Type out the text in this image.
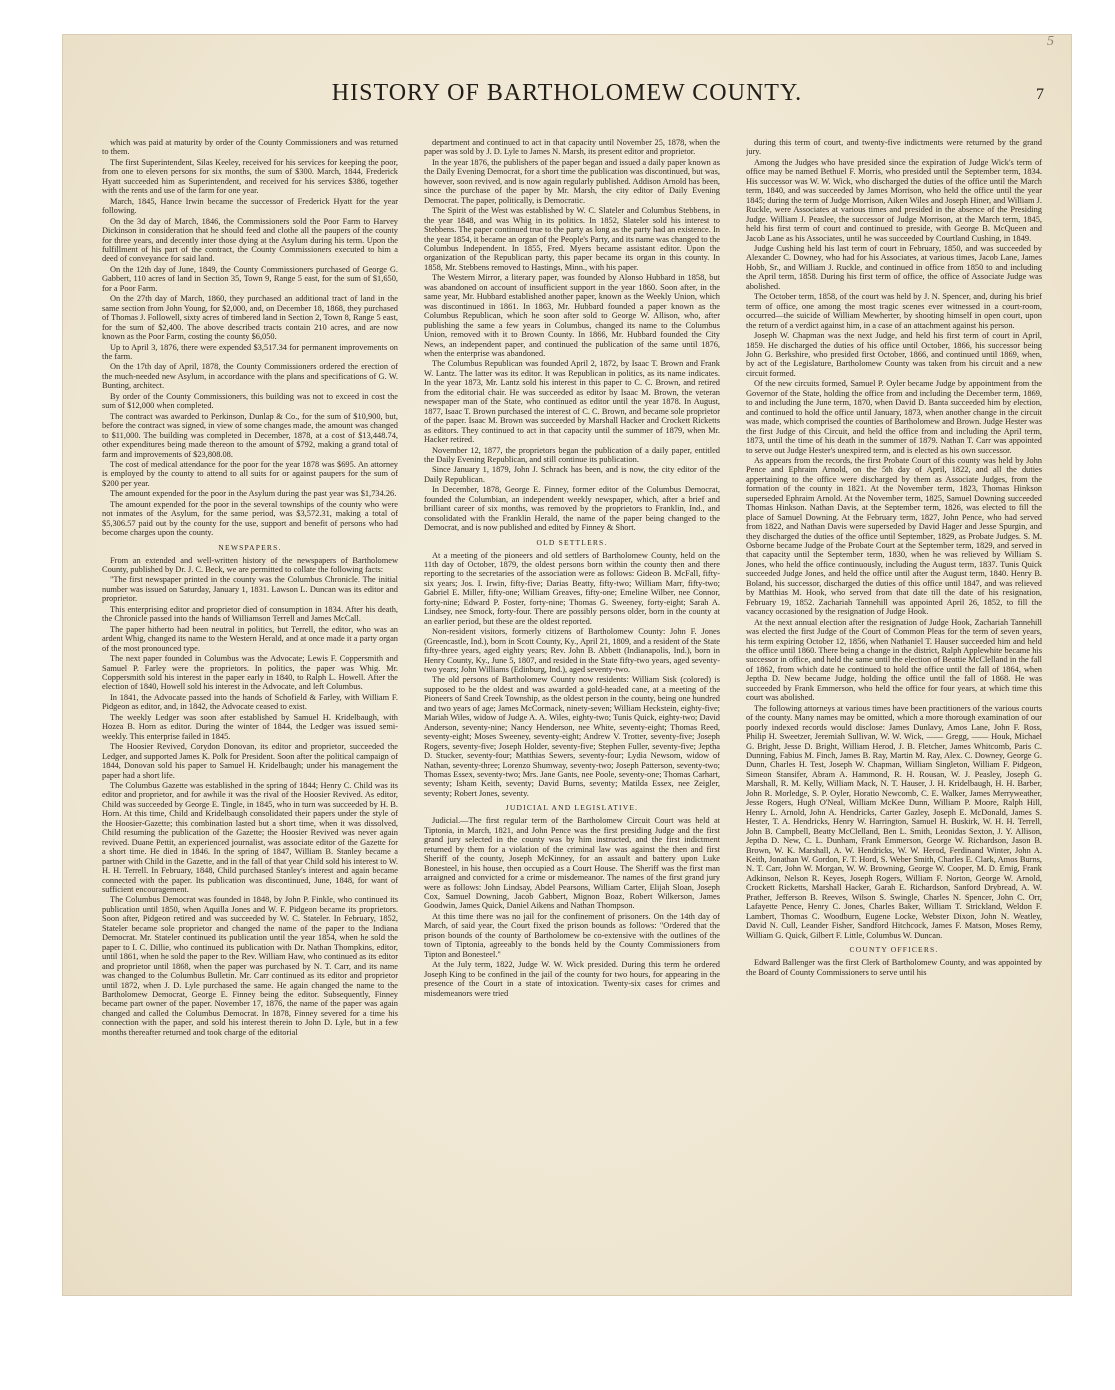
5
HISTORY OF BARTHOLOMEW COUNTY.	7

which was paid at maturity by order of the County Commissioners and was returned to them.

The first Superintendent, Silas Keeley, received for his services for keeping the poor, from one to eleven persons for six months, the sum of $300. March, 1844, Frederick Hyatt succeeded him as Superintendent, and received for his services $386, together with the rents and use of the farm for one year.

March, 1845, Hance Irwin became the successor of Frederick Hyatt for the year following.

On the 3d day of March, 1846, the Commissioners sold the Poor Farm to Harvey Dickinson in consideration that he should feed and clothe all the paupers of the county for three years, and decently inter those dying at the Asylum during his term. Upon the fulfillment of his part of the contract, the County Commissioners executed to him a deed of conveyance for said land.

On the 12th day of June, 1849, the County Commissioners purchased of George G. Gabbert, 110 acres of land in Section 35, Town 9, Range 5 east, for the sum of $1,650, for a Poor Farm.

On the 27th day of March, 1860, they purchased an additional tract of land in the same section from John Young, for $2,000, and, on December 18, 1868, they purchased of Thomas J. Followell, sixty acres of timbered land in Section 2, Town 8, Range 5 east, for the sum of $2,400. The above described tracts contain 210 acres, and are now known as the Poor Farm, costing the county $6,050.

Up to April 3, 1876, there were expended $3,517.34 for permanent improvements on the farm.

On the 17th day of April, 1878, the County Commissioners ordered the erection of the much-needed new Asylum, in accordance with the plans and specifications of G. W. Bunting, architect.

By order of the County Commissioners, this building was not to exceed in cost the sum of $12,000 when completed.

The contract was awarded to Perkinson, Dunlap & Co., for the sum of $10,900, but, before the contract was signed, in view of some changes made, the amount was changed to $11,000. The building was completed in December, 1878, at a cost of $13,448.74, other expenditures being made thereon to the amount of $792, making a grand total of farm and improvements of $23,808.08.

The cost of medical attendance for the poor for the year 1878 was $695. An attorney is employed by the county to attend to all suits for or against paupers for the sum of $200 per year.

The amount expended for the poor in the Asylum during the past year was $1,734.26.

The amount expended for the poor in the several townships of the county who were not inmates of the Asylum, for the same period, was $3,572.31, making a total of $5,306.57 paid out by the county for the use, support and benefit of persons who had become charges upon the county.

NEWSPAPERS.

From an extended and well-written history of the newspapers of Bartholomew County, published by Dr. J. C. Beck, we are permitted to collate the following facts:

"The first newspaper printed in the county was the Columbus Chronicle. The initial number was issued on Saturday, January 1, 1831. Lawson L. Duncan was its editor and proprietor.

This enterprising editor and proprietor died of consumption in 1834. After his death, the Chronicle passed into the hands of Williamson Terrell and James McCall.

The paper hitherto had been neutral in politics, but Terrell, the editor, who was an ardent Whig, changed its name to the Western Herald, and at once made it a party organ of the most pronounced type.

The next paper founded in Columbus was the Advocate; Lewis F. Coppersmith and Samuel P. Farley were the proprietors. In politics, the paper was Whig. Mr. Coppersmith sold his interest in the paper early in 1840, to Ralph L. Howell. After the election of 1840, Howell sold his interest in the Advocate, and left Columbus.

In 1841, the Advocate passed into the hands of Schofield & Farley, with William F. Pidgeon as editor, and, in 1842, the Advocate ceased to exist.

The weekly Ledger was soon after established by Samuel H. Kridelbaugh, with Hozea B. Horn as editor. During the winter of 1844, the Ledger was issued semi-weekly. This enterprise failed in 1845.

The Hoosier Revived, Corydon Donovan, its editor and proprietor, succeeded the Ledger, and supported James K. Polk for President. Soon after the political campaign of 1844, Donovan sold his paper to Samuel H. Kridelbaugh; under his management the paper had a short life.

The Columbus Gazette was established in the spring of 1844; Henry C. Child was its editor and proprietor, and for awhile it was the rival of the Hoosier Revived. As editor, Child was succeeded by George E. Tingle, in 1845, who in turn was succeeded by H. B. Horn. At this time, Child and Kridelbaugh consolidated their papers under the style of the Hoosier-Gazette; this combination lasted but a short time, when it was dissolved, Child resuming the publication of the Gazette; the Hoosier Revived was never again revived. Duane Pettit, an experienced journalist, was associate editor of the Gazette for a short time. He died in 1846. In the spring of 1847, William B. Stanley became a partner with Child in the Gazette, and in the fall of that year Child sold his interest to W. H. H. Terrell. In February, 1848, Child purchased Stanley's interest and again became connected with the paper. Its publication was discontinued, June, 1848, for want of sufficient encouragement.

The Columbus Democrat was founded in 1848, by John P. Finkle, who continued its publication until 1850, when Aquilla Jones and W. F. Pidgeon became its proprietors. Soon after, Pidgeon retired and was succeeded by W. C. Stateler. In February, 1852, Stateler became sole proprietor and changed the name of the paper to the Indiana Democrat. Mr. Stateler continued its publication until the year 1854, when he sold the paper to I. C. Dillie, who continued its publication with Dr. Nathan Thompkins, editor, until 1861, when he sold the paper to the Rev. William Haw, who continued as its editor and proprietor until 1868, when the paper was purchased by N. T. Carr, and its name was changed to the Columbus Bulletin. Mr. Carr continued as its editor and proprietor until 1872, when J. D. Lyle purchased the same. He again changed the name to the Bartholomew Democrat, George E. Finney being the editor. Subsequently, Finney became part owner of the paper. November 17, 1876, the name of the paper was again changed and called the Columbus Democrat. In 1878, Finney severed for a time his connection with the paper, and sold his interest therein to John D. Lyle, but in a few months thereafter returned and took charge of the editorial

department and continued to act in that capacity until November 25, 1878, when the paper was sold by J. D. Lyle to James N. Marsh, its present editor and proprietor.

In the year 1876, the publishers of the paper began and issued a daily paper known as the Daily Evening Democrat, for a short time the publication was discontinued, but was, however, soon revived, and is now again regularly published. Addison Arnold has been, since the purchase of the paper by Mr. Marsh, the city editor of Daily Evening Democrat. The paper, politically, is Democratic.

The Spirit of the West was established by W. C. Slateler and Columbus Stebbens, in the year 1848, and was Whig in its politics. In 1852, Slateler sold his interest to Stebbens. The paper continued true to the party as long as the party had an existence. In the year 1854, it became an organ of the People's Party, and its name was changed to the Columbus Independent. In 1855, Fred. Myers became assistant editor. Upon the organization of the Republican party, this paper became its organ in this county. In 1858, Mr. Stebbens removed to Hastings, Minn., with his paper.

The Western Mirror, a literary paper, was founded by Alonso Hubbard in 1858, but was abandoned on account of insufficient support in the year 1860. Soon after, in the same year, Mr. Hubbard established another paper, known as the Weekly Union, which was discontinued in 1861. In 1863, Mr. Hubbard founded a paper known as the Columbus Republican, which he soon after sold to George W. Allison, who, after publishing the same a few years in Columbus, changed its name to the Columbus Union, removed with it to Brown County. In 1866, Mr. Hubbard founded the City News, an independent paper, and continued the publication of the same until 1876, when the enterprise was abandoned.

The Columbus Republican was founded April 2, 1872, by Isaac T. Brown and Frank W. Lantz. The latter was its editor. It was Republican in politics, as its name indicates. In the year 1873, Mr. Lantz sold his interest in this paper to C. C. Brown, and retired from the editorial chair. He was succeeded as editor by Isaac M. Brown, the veteran newspaper man of the State, who continued as editor until the year 1878. In August, 1877, Isaac T. Brown purchased the interest of C. C. Brown, and became sole proprietor of the paper. Isaac M. Brown was succeeded by Marshall Hacker and Crockett Ricketts as editors. They continued to act in that capacity until the summer of 1879, when Mr. Hacker retired.

November 12, 1877, the proprietors began the publication of a daily paper, entitled the Daily Evening Republican, and still continue its publication.

Since January 1, 1879, John J. Schrack has been, and is now, the city editor of the Daily Republican.

In December, 1878, George E. Finney, former editor of the Columbus Democrat, founded the Columbian, an independent weekly newspaper, which, after a brief and brilliant career of six months, was removed by the proprietors to Franklin, Ind., and consolidated with the Franklin Herald, the name of the paper being changed to the Democrat, and is now published and edited by Finney & Short.

OLD SETTLERS.

At a meeting of the pioneers and old settlers of Bartholomew County, held on the 11th day of October, 1879, the oldest persons born within the county then and there reporting to the secretaries of the association were as follows: Gideon B. McFall, fifty-six years; Jos. I. Irwin, fifty-five; Darias Beatty, fifty-two; William Marr, fifty-two; Gabriel E. Miller, fifty-one; William Greaves, fifty-one; Emeline Wilber, nee Connor, forty-nine; Edward P. Foster, forty-nine; Thomas G. Sweeney, forty-eight; Sarah A. Lindsey, nee Smock, forty-four. There are possibly persons older, born in the county at an earlier period, but these are the oldest reported.

Non-resident visitors, formerly citizens of Bartholomew County: John F. Jones (Greencastle, Ind.), born in Scott County, Ky., April 21, 1809, and a resident of the State fifty-three years, aged eighty years; Rev. John B. Abbett (Indianapolis, Ind.), born in Henry County, Ky., June 5, 1807, and resided in the State fifty-two years, aged seventy-two years; John Williams (Edinburg, Ind.), aged seventy-two.

The old persons of Bartholomew County now residents: William Sisk (colored) is supposed to be the oldest and was awarded a gold-headed cane, at a meeting of the Pioneers of Sand Creek Township, as the oldest person in the county, being one hundred and two years of age; James McCormack, ninety-seven; William Heckstein, eighty-five; Mariah Wiles, widow of Judge A. A. Wiles, eighty-two; Tunis Quick, eighty-two; David Anderson, seventy-nine; Nancy Henderson, nee White, seventy-eight; Thomas Reed, seventy-eight; Moses Sweeney, seventy-eight; Andrew V. Trotter, seventy-five; Joseph Rogers, seventy-five; Joseph Holder, seventy-five; Stephen Fuller, seventy-five; Jeptha D. Stucker, seventy-four; Matthias Sewers, seventy-four; Lydia Newsom, widow of Nathan, seventy-three; Lorenzo Shumway, seventy-two; Joseph Patterson, seventy-two; Thomas Essex, seventy-two; Mrs. Jane Gants, nee Poole, seventy-one; Thomas Carhart, seventy; Isham Keith, seventy; David Burns, seventy; Matilda Essex, nee Zeigler, seventy; Robert Jones, seventy.

JUDICIAL AND LEGISLATIVE.

Judicial.—The first regular term of the Bartholomew Circuit Court was held at Tiptonia, in March, 1821, and John Pence was the first presiding Judge and the first grand jury selected in the county was by him instructed, and the first indictment returned by them for a violation of the criminal law was against the then and first Sheriff of the county, Joseph McKinney, for an assault and battery upon Luke Bonesteel, in his house, then occupied as a Court House. The Sheriff was the first man arraigned and convicted for a crime or misdemeanor. The names of the first grand jury were as follows: John Lindsay, Abdel Pearsons, William Carter, Elijah Sloan, Joseph Cox, Samuel Downing, Jacob Gabbert, Mignon Boaz, Robert Wilkerson, James Goodwin, James Quick, Daniel Aikens and Nathan Thompson.

At this time there was no jail for the confinement of prisoners. On the 14th day of March, of said year, the Court fixed the prison bounds as follows: "Ordered that the prison bounds of the county of Bartholomew be co-extensive with the outlines of the town of Tiptonia, agreeably to the bonds held by the County Commissioners from Tipton and Bonesteel."

At the July term, 1822, Judge W. W. Wick presided. During this term he ordered Joseph King to be confined in the jail of the county for two hours, for appearing in the presence of the Court in a state of intoxication. Twenty-six cases for crimes and misdemeanors were tried

during this term of court, and twenty-five indictments were returned by the grand jury.

Among the Judges who have presided since the expiration of Judge Wick's term of office may be named Bethuel F. Morris, who presided until the September term, 1834. His successor was W. W. Wick, who discharged the duties of the office until the March term, 1840, and was succeeded by James Morrison, who held the office until the year 1845; during the term of Judge Morrison, Aiken Wiles and Joseph Hiner, and William J. Ruckle, were Associates at various times and presided in the absence of the Presiding Judge. William J. Peaslee, the successor of Judge Morrison, at the March term, 1845, held his first term of court and continued to preside, with George B. McQueen and Jacob Lane as his Associates, until he was succeeded by Courtland Cushing, in 1849.

Judge Cushing held his last term of court in February, 1850, and was succeeded by Alexander C. Downey, who had for his Associates, at various times, Jacob Lane, James Hobb, Sr., and William J. Ruckle, and continued in office from 1850 to and including the April term, 1858. During his first term of office, the office of Associate Judge was abolished.

The October term, 1858, of the court was held by J. N. Spencer, and, during his brief term of office, one among the most tragic scenes ever witnessed in a court-room, occurred—the suicide of William Mewherter, by shooting himself in open court, upon the return of a verdict against him, in a case of an attachment against his person.

Joseph W. Chapman was the next Judge, and held his first term of court in April, 1859. He discharged the duties of his office until October, 1866, his successor being John G. Berkshire, who presided first October, 1866, and continued until 1869, when, by act of the Legislature, Bartholomew County was taken from his circuit and a new circuit formed.

Of the new circuits formed, Samuel P. Oyler became Judge by appointment from the Governor of the State, holding the office from and including the December term, 1869, to and including the June term, 1870, when David D. Banta succeeded him by election, and continued to hold the office until January, 1873, when another change in the circuit was made, which comprised the counties of Bartholomew and Brown. Judge Hester was the first Judge of this Circuit, and held the office from and including the April term, 1873, until the time of his death in the summer of 1879. Nathan T. Carr was appointed to serve out Judge Hester's unexpired term, and is elected as his own successor.

As appears from the records, the first Probate Court of this county was held by John Pence and Ephraim Arnold, on the 5th day of April, 1822, and all the duties appertaining to the office were discharged by them as Associate Judges, from the formation of the county in 1821. At the November term, 1823, Thomas Hinkson superseded Ephraim Arnold. At the November term, 1825, Samuel Downing succeeded Thomas Hinkson. Nathan Davis, at the September term, 1826, was elected to fill the place of Samuel Downing. At the February term, 1827, John Pence, who had served from 1822, and Nathan Davis were superseded by David Hager and Jesse Spurgin, and they discharged the duties of the office until September, 1829, as Probate Judges. S. M. Osborne became Judge of the Probate Court at the September term, 1829, and served in that capacity until the September term, 1830, when he was relieved by William S. Jones, who held the office continuously, including the August term, 1837. Tunis Quick succeeded Judge Jones, and held the office until after the August term, 1840. Henry B. Boland, his successor, discharged the duties of this office until 1847, and was relieved by Matthias M. Hook, who served from that date till the date of his resignation, February 19, 1852. Zachariah Tannehill was appointed April 26, 1852, to fill the vacancy occasioned by the resignation of Judge Hook.

At the next annual election after the resignation of Judge Hook, Zachariah Tannehill was elected the first Judge of the Court of Common Pleas for the term of seven years, his term expiring October 12, 1856, when Nathaniel T. Hauser succeeded him and held the office until 1860. There being a change in the district, Ralph Applewhite became his successor in office, and held the same until the election of Beattie McClelland in the fall of 1862, from which date he continued to hold the office until the fall of 1864, when Jeptha D. New became Judge, holding the office until the fall of 1868. He was succeeded by Frank Emmerson, who held the office for four years, at which time this court was abolished.

The following attorneys at various times have been practitioners of the various courts of the county. Many names may be omitted, which a more thorough examination of our poorly indexed records would disclose: James Dunlavy, Amos Lane, John F. Ross, Philip H. Sweetzer, Jeremiah Sullivan, W. W. Wick, —— Gregg, —— Houk, Michael G. Bright, Jesse D. Bright, William Herod, J. B. Fletcher, James Whitcomb, Paris C. Dunning, Fabius M. Finch, James B. Ray, Martin M. Ray, Alex. C. Downey, George G. Dunn, Charles H. Test, Joseph W. Chapman, William Singleton, William F. Pidgeon, Simeon Stansifer, Abram A. Hammond, R. H. Rousan, W. J. Peasley, Joseph G. Marshall, R. M. Kelly, William Mack, N. T. Hauser, J. H. Kridelbaugh, H. H. Barber, John R. Morledge, S. P. Oyler, Horatio Newcomb, C. E. Walker, James Merryweather, Jesse Rogers, Hugh O'Neal, William McKee Dunn, William P. Moore, Ralph Hill, Henry L. Arnold, John A. Hendricks, Carter Gazley, Joseph E. McDonald, James S. Hester, T. A. Hendricks, Henry W. Harrington, Samuel H. Buskirk, W. H. H. Terrell, John B. Campbell, Beatty McClelland, Ben L. Smith, Leonidas Sexton, J. Y. Allison, Jeptha D. New, C. L. Dunham, Frank Emmerson, George W. Richardson, Jason B. Brown, W. K. Marshall, A. W. Hendricks, W. W. Herod, Ferdinand Winter, John A. Keith, Jonathan W. Gordon, F. T. Hord, S. Weber Smith, Charles E. Clark, Amos Burns, N. T. Carr, John W. Morgan, W. W. Browning, George W. Cooper, M. D. Emig, Frank Adkinson, Nelson R. Keyes, Joseph Rogers, William F. Norton, George W. Arnold, Crockett Ricketts, Marshall Hacker, Garah E. Richardson, Sanford Drybread, A. W. Prather, Jefferson B. Reeves, Wilson S. Swingle, Charles N. Spencer, John C. Orr, Lafayette Pence, Henry C. Jones, Charles Baker, William T. Strickland, Weldon F. Lambert, Thomas C. Woodburn, Eugene Locke, Webster Dixon, John N. Weatley, David N. Cull, Leander Fisher, Sandford Hitchcock, James F. Matson, Moses Remy, William G. Quick, Gilbert F. Little, Columbus W. Duncan.

COUNTY OFFICERS.

Edward Ballenger was the first Clerk of Bartholomew County, and was appointed by the Board of County Commissioners to serve until his
